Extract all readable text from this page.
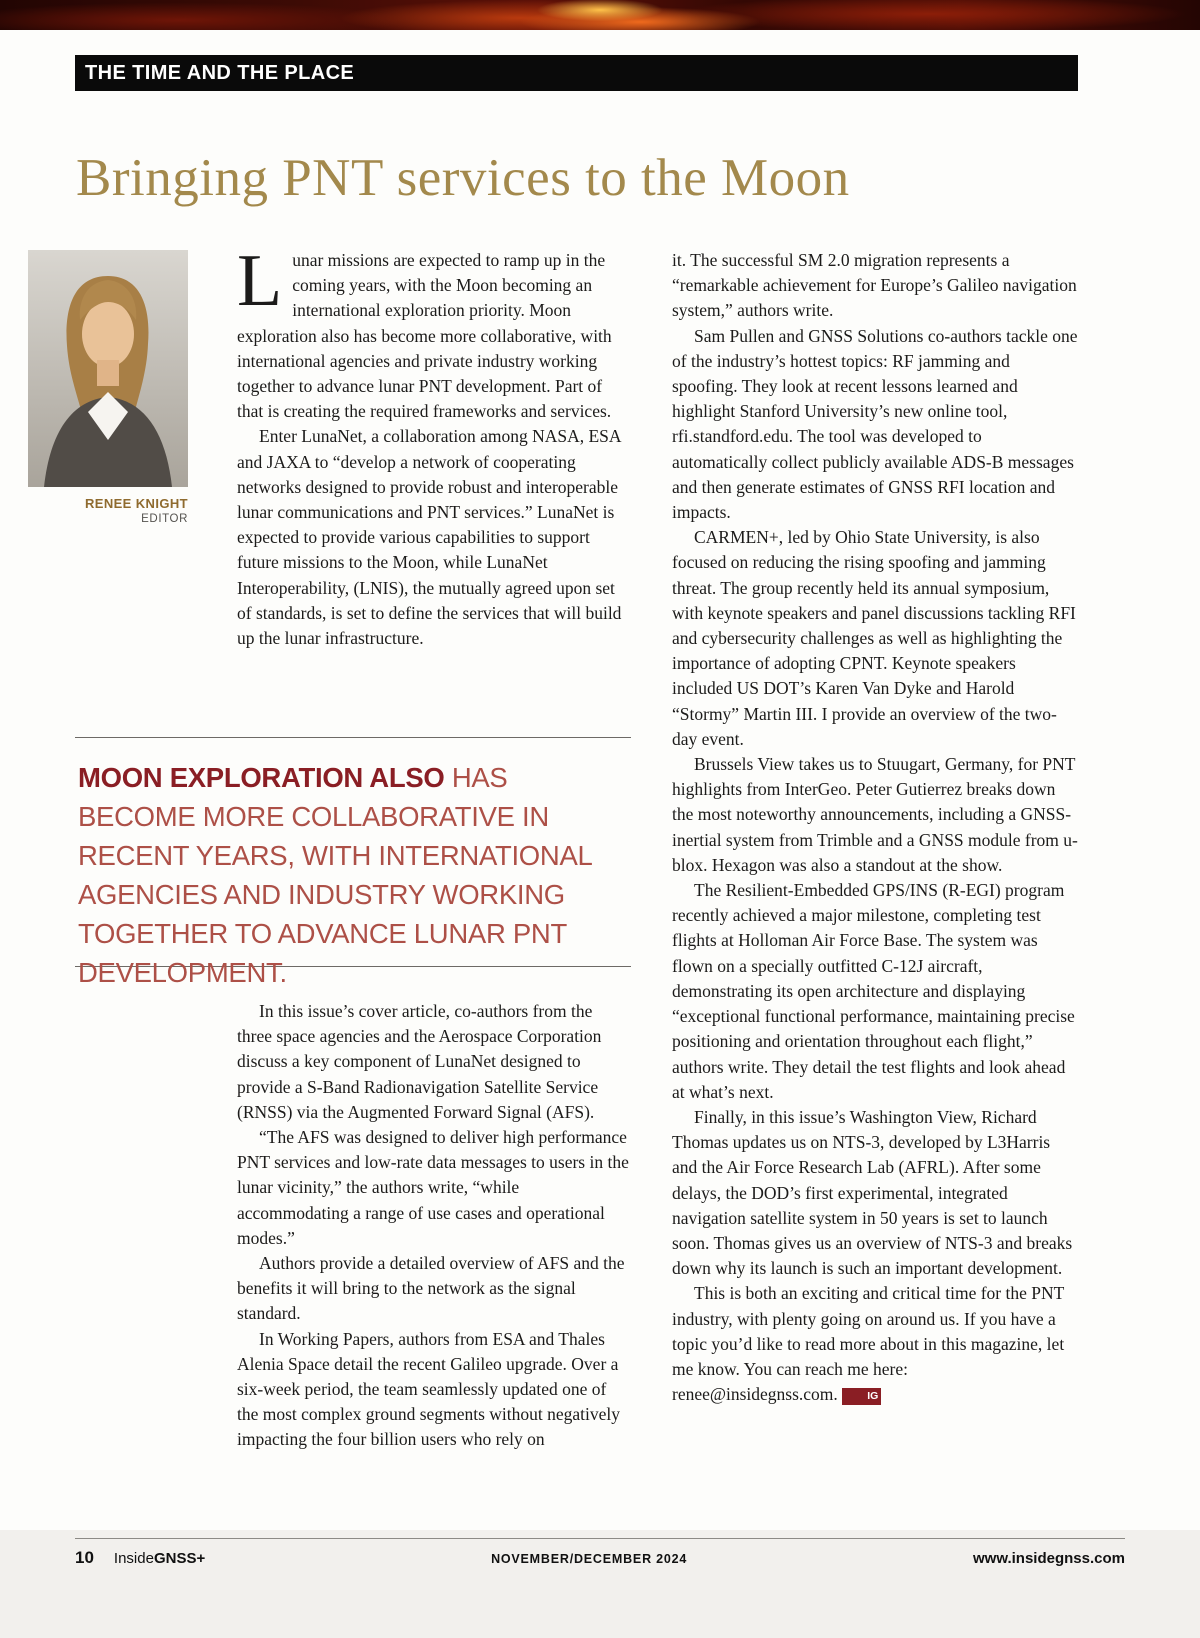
THE TIME AND THE PLACE
Bringing PNT services to the Moon
RENEE KNIGHT
EDITOR

Lunar missions are expected to ramp up in the coming years, with the Moon becoming an international exploration priority. Moon exploration also has become more collaborative, with international agencies and private industry working together to advance lunar PNT development. Part of that is creating the required frameworks and services.

Enter LunaNet, a collaboration among NASA, ESA and JAXA to “develop a network of cooperating networks designed to provide robust and interoperable lunar communications and PNT services.” LunaNet is expected to provide various capabilities to support future missions to the Moon, while LunaNet Interoperability, (LNIS), the mutually agreed upon set of standards, is set to define the services that will build up the lunar infrastructure.

MOON EXPLORATION ALSO HAS BECOME MORE COLLABORATIVE IN RECENT YEARS, WITH INTERNATIONAL AGENCIES AND INDUSTRY WORKING TOGETHER TO ADVANCE LUNAR PNT DEVELOPMENT.

In this issue’s cover article, co-authors from the three space agencies and the Aerospace Corporation discuss a key component of LunaNet designed to provide a S-Band Radionavigation Satellite Service (RNSS) via the Augmented Forward Signal (AFS).

“The AFS was designed to deliver high performance PNT services and low-rate data messages to users in the lunar vicinity,” the authors write, “while accommodating a range of use cases and operational modes.”

Authors provide a detailed overview of AFS and the benefits it will bring to the network as the signal standard.

In Working Papers, authors from ESA and Thales Alenia Space detail the recent Galileo upgrade. Over a six-week period, the team seamlessly updated one of the most complex ground segments without negatively impacting the four billion users who rely on

it. The successful SM 2.0 migration represents a “remarkable achievement for Europe’s Galileo navigation system,” authors write.

Sam Pullen and GNSS Solutions co-authors tackle one of the industry’s hottest topics: RF jamming and spoofing. They look at recent lessons learned and highlight Stanford University’s new online tool, rfi.standford.edu. The tool was developed to automatically collect publicly available ADS-B messages and then generate estimates of GNSS RFI location and impacts.

CARMEN+, led by Ohio State University, is also focused on reducing the rising spoofing and jamming threat. The group recently held its annual symposium, with keynote speakers and panel discussions tackling RFI and cybersecurity challenges as well as highlighting the importance of adopting CPNT. Keynote speakers included US DOT’s Karen Van Dyke and Harold “Stormy” Martin III. I provide an overview of the two-day event.

Brussels View takes us to Stuugart, Germany, for PNT highlights from InterGeo. Peter Gutierrez breaks down the most noteworthy announcements, including a GNSS-inertial system from Trimble and a GNSS module from u-blox. Hexagon was also a standout at the show.

The Resilient-Embedded GPS/INS (R-EGI) program recently achieved a major milestone, completing test flights at Holloman Air Force Base. The system was flown on a specially outfitted C-12J aircraft, demonstrating its open architecture and displaying “exceptional functional performance, maintaining precise positioning and orientation throughout each flight,” authors write. They detail the test flights and look ahead at what’s next.

Finally, in this issue’s Washington View, Richard Thomas updates us on NTS-3, developed by L3Harris and the Air Force Research Lab (AFRL). After some delays, the DOD’s first experimental, integrated navigation satellite system in 50 years is set to launch soon. Thomas gives us an overview of NTS-3 and breaks down why its launch is such an important development.

This is both an exciting and critical time for the PNT industry, with plenty going on around us. If you have a topic you’d like to read more about in this magazine, let me know. You can reach me here: renee@insidegnss.com.	IG

10 InsideGNSS+	NOVEMBER/DECEMBER 2024	www.insidegnss.com
